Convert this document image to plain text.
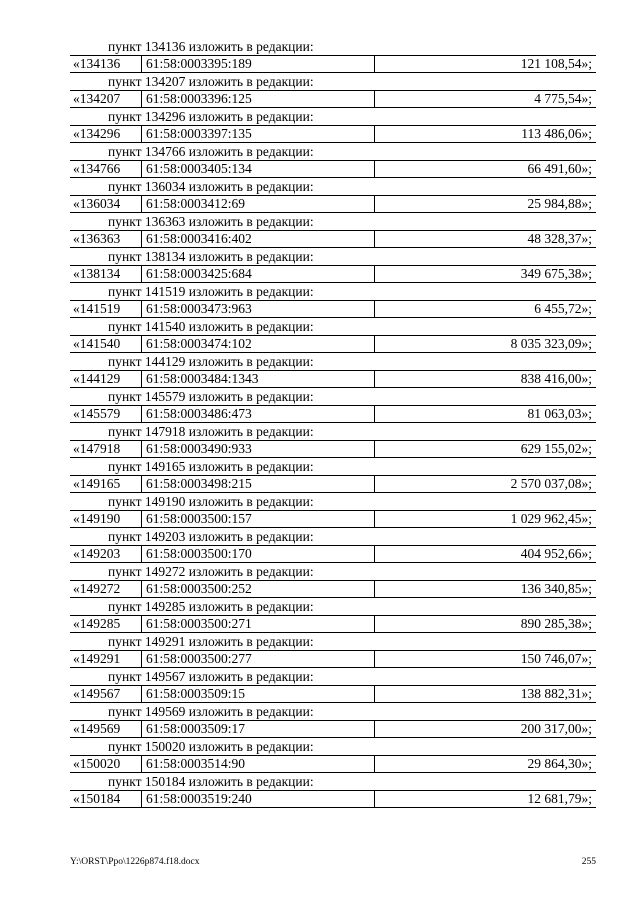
пункт 134136 изложить в редакции:
«134136	61:58:0003395:189	121 108,54»;
пункт 134207 изложить в редакции:
«134207	61:58:0003396:125	4 775,54»;
пункт 134296 изложить в редакции:
«134296	61:58:0003397:135	113 486,06»;
пункт 134766 изложить в редакции:
«134766	61:58:0003405:134	66 491,60»;
пункт 136034 изложить в редакции:
«136034	61:58:0003412:69	25 984,88»;
пункт 136363 изложить в редакции:
«136363	61:58:0003416:402	48 328,37»;
пункт 138134 изложить в редакции:
«138134	61:58:0003425:684	349 675,38»;
пункт 141519 изложить в редакции:
«141519	61:58:0003473:963	6 455,72»;
пункт 141540 изложить в редакции:
«141540	61:58:0003474:102	8 035 323,09»;
пункт 144129 изложить в редакции:
«144129	61:58:0003484:1343	838 416,00»;
пункт 145579 изложить в редакции:
«145579	61:58:0003486:473	81 063,03»;
пункт 147918 изложить в редакции:
«147918	61:58:0003490:933	629 155,02»;
пункт 149165 изложить в редакции:
«149165	61:58:0003498:215	2 570 037,08»;
пункт 149190 изложить в редакции:
«149190	61:58:0003500:157	1 029 962,45»;
пункт 149203 изложить в редакции:
«149203	61:58:0003500:170	404 952,66»;
пункт 149272 изложить в редакции:
«149272	61:58:0003500:252	136 340,85»;
пункт 149285 изложить в редакции:
«149285	61:58:0003500:271	890 285,38»;
пункт 149291 изложить в редакции:
«149291	61:58:0003500:277	150 746,07»;
пункт 149567 изложить в редакции:
«149567	61:58:0003509:15	138 882,31»;
пункт 149569 изложить в редакции:
«149569	61:58:0003509:17	200 317,00»;
пункт 150020 изложить в редакции:
«150020	61:58:0003514:90	29 864,30»;
пункт 150184 изложить в редакции:
«150184	61:58:0003519:240	12 681,79»;
Y:\ORST\Ppo\1226p874.f18.docx	255
